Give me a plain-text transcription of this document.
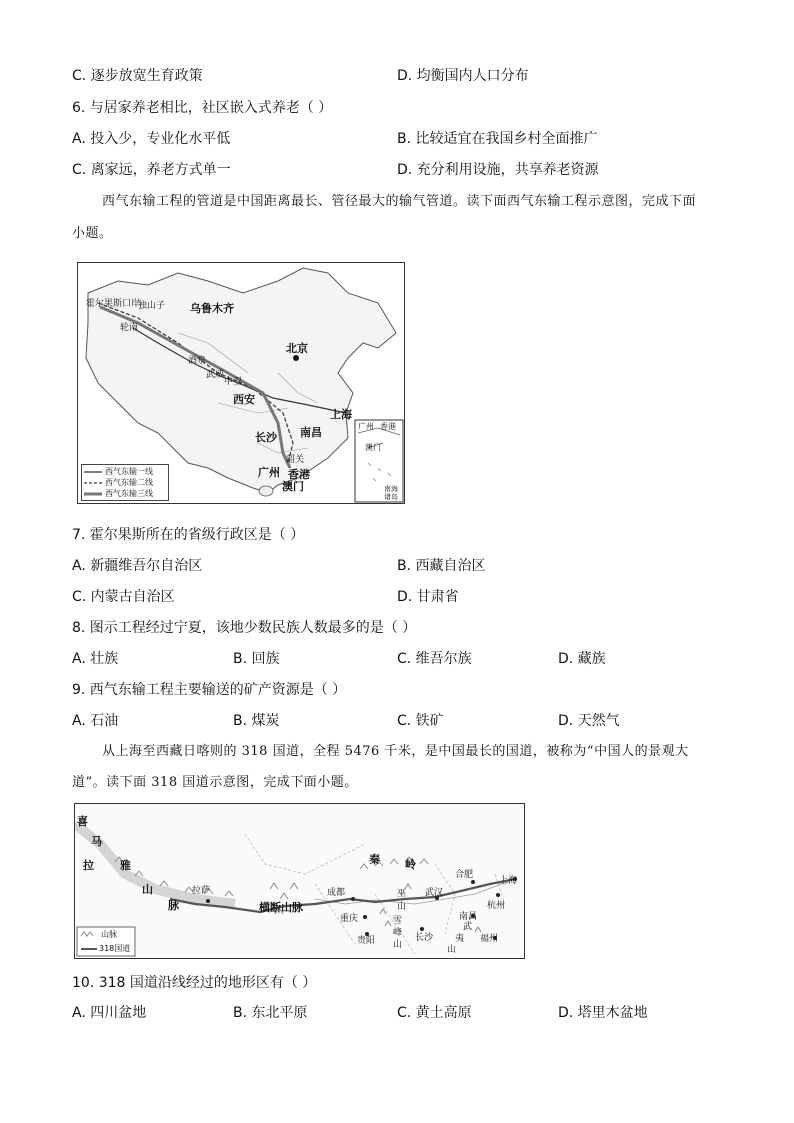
C. 逐步放宽生育政策	D. 均衡国内人口分布
6. 与居家养老相比，社区嵌入式养老（ ）
A. 投入少，专业化水平低	B. 比较适宜在我国乡村全面推广
C. 离家远，养老方式单一	D. 充分利用设施，共享养老资源
西气东输工程的管道是中国距离最长、管径最大的输气管道。读下面西气东输工程示意图，完成下面
小题。
霍尔果斯口岸
独山子 乌鲁木齐
轮南
北京
酒泉
武威
中卫
西安
上海
南昌
长沙
韶关
广州 香港
澳门
广州 香港
澳门
南海诸岛
西气东输一线
西气东输二线
西气东输三线
7. 霍尔果斯所在的省级行政区是（ ）
A. 新疆维吾尔自治区	B. 西藏自治区
C. 内蒙古自治区	D. 甘肃省
8. 图示工程经过宁夏，该地少数民族人数最多的是（ ）
A. 壮族	B. 回族	C. 维吾尔族	D. 藏族
9. 西气东输工程主要输送的矿产资源是（ ）
A. 石油	B. 煤炭	C. 铁矿	D. 天然气
从上海至西藏日喀则的 318 国道，全程 5476 千米，是中国最长的国道，被称为“中国人的景观大
道”。读下面 318 国道示意图，完成下面小题。
喜
马
拉 雅
山
脉
拉萨
横断山脉
成都
重庆
贵阳
秦 岭
巫
山
雪
峰
山
武汉
合肥
上海
杭州
南昌
长沙	福州
武
夷
山
山脉
318国道
10. 318 国道沿线经过的地形区有（ ）
A. 四川盆地	B. 东北平原	C. 黄土高原	D. 塔里木盆地
